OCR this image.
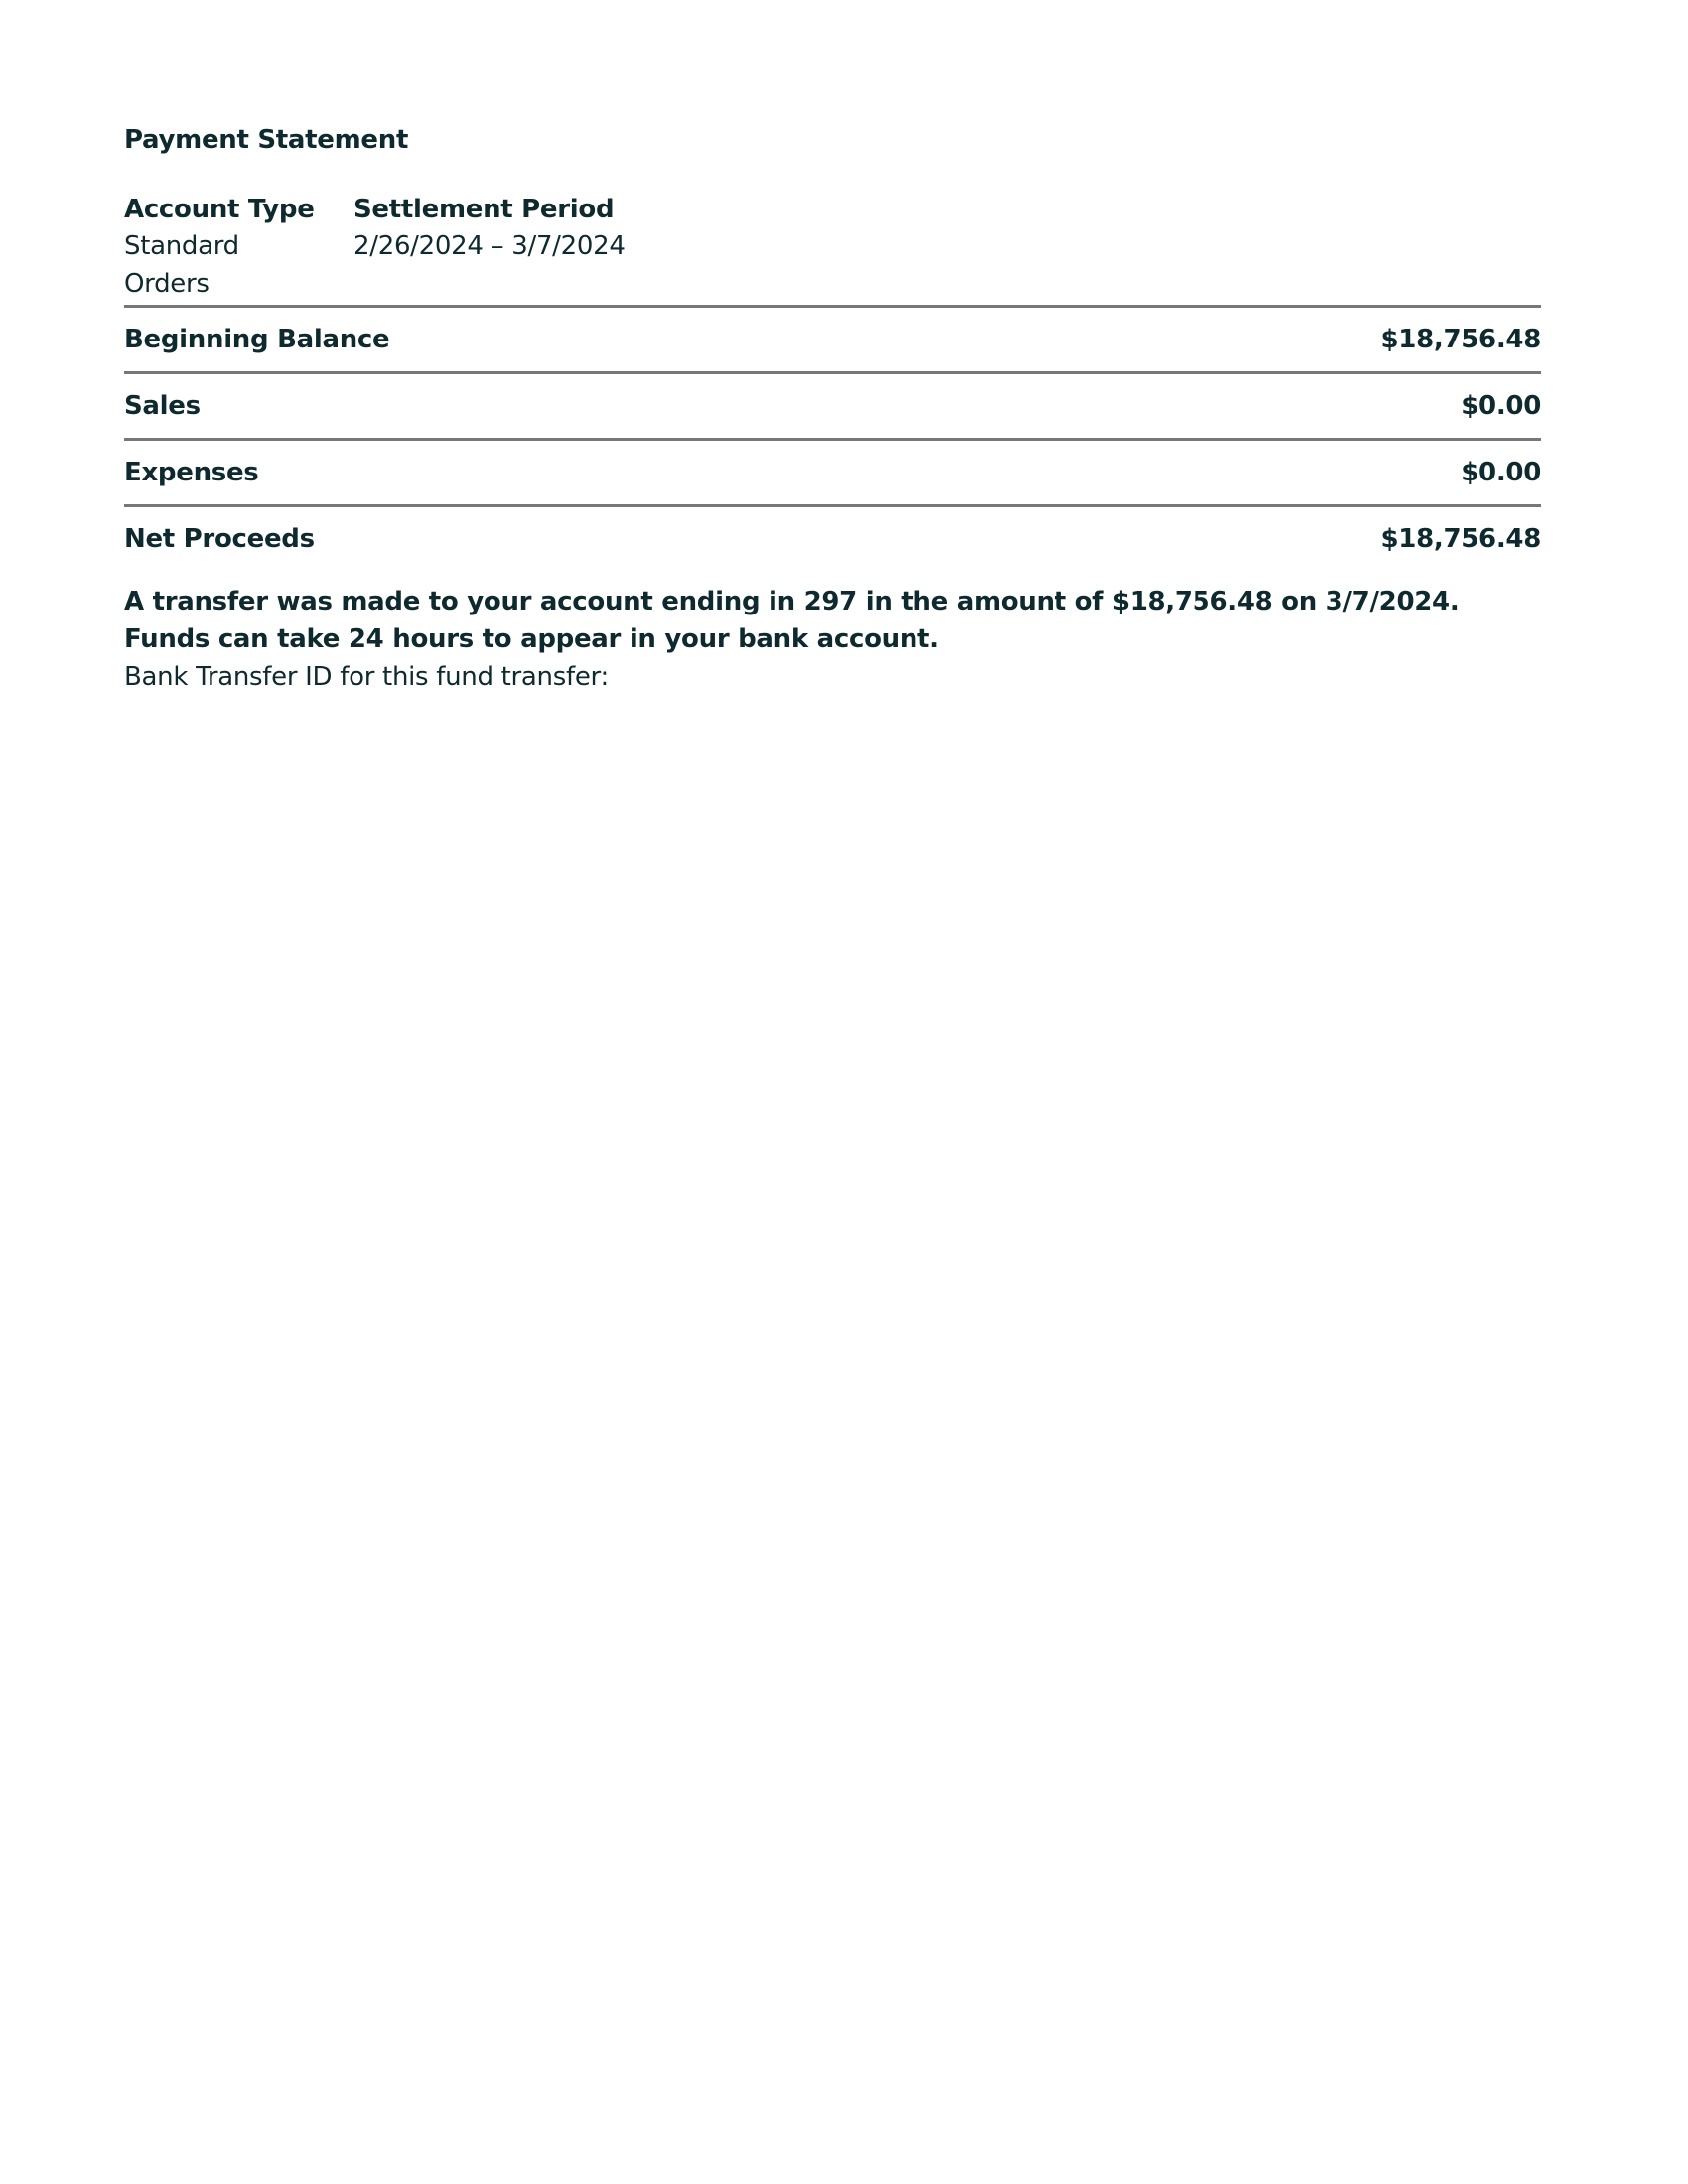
Payment Statement
Account Type
Standard Orders
Settlement Period
2/26/2024 – 3/7/2024
Beginning Balance	$18,756.48
Sales	$0.00
Expenses	$0.00
Net Proceeds	$18,756.48

A transfer was made to your account ending in 297 in the amount of $18,756.48 on 3/7/2024. Funds can take 24 hours to appear in your bank account.

Bank Transfer ID for this fund transfer:
